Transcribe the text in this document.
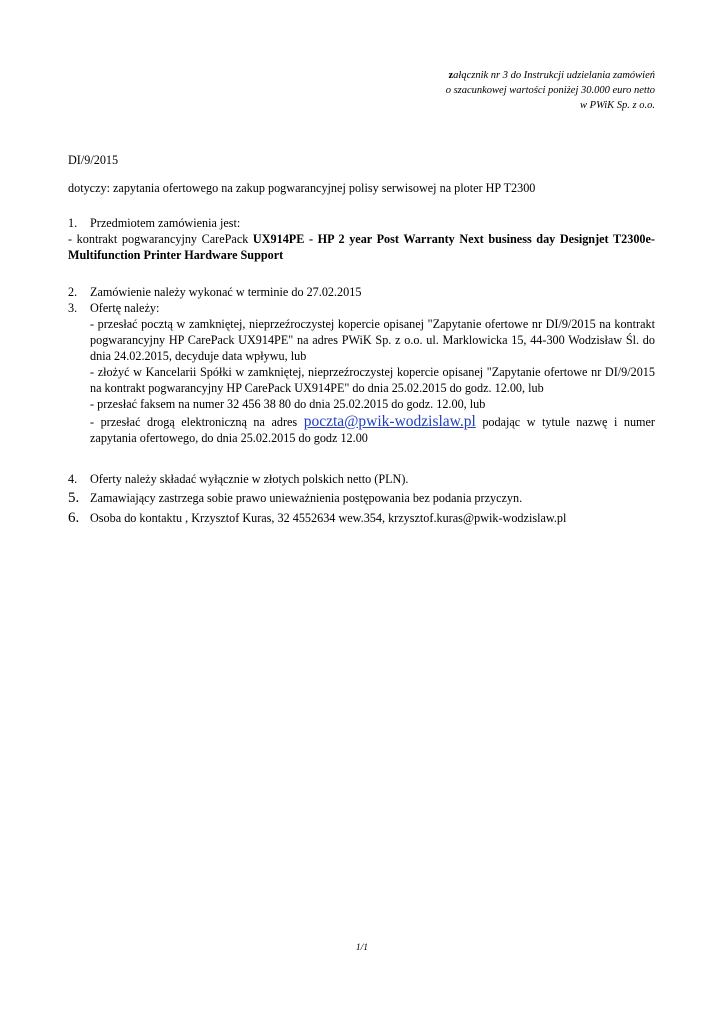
załącznik nr 3 do Instrukcji udzielania zamówień
o szacunkowej wartości poniżej 30.000 euro netto
w PWiK Sp. z o.o.
DI/9/2015
dotyczy: zapytania ofertowego na zakup pogwarancyjnej polisy serwisowej na ploter HP T2300
1.	Przedmiotem zamówienia jest:
- kontrakt pogwarancyjny CarePack UX914PE - HP 2 year Post Warranty Next business day Designjet T2300e-Multifunction Printer Hardware Support
2.	Zamówienie należy wykonać w terminie do 27.02.2015
3.	Ofertę należy:
- przesłać pocztą w zamkniętej, nieprzeźroczystej kopercie opisanej "Zapytanie ofertowe nr DI/9/2015 na kontrakt pogwarancyjny HP CarePack UX914PE" na adres PWiK Sp. z o.o. ul. Marklowicka 15, 44-300 Wodzisław Śl. do dnia 24.02.2015, decyduje data wpływu, lub
- złożyć w Kancelarii Spółki w zamkniętej, nieprzeźroczystej kopercie opisanej "Zapytanie ofertowe nr DI/9/2015 na kontrakt pogwarancyjny HP CarePack UX914PE" do dnia 25.02.2015 do godz. 12.00, lub
- przesłać faksem na numer 32 456 38 80 do dnia 25.02.2015 do godz. 12.00, lub
- przesłać drogą elektroniczną na adres poczta@pwik-wodzislaw.pl podając w tytule nazwę i numer zapytania ofertowego, do dnia 25.02.2015 do godz 12.00
4.	Oferty należy składać wyłącznie w złotych polskich netto (PLN).
5. Zamawiający zastrzega sobie prawo unieważnienia postępowania bez podania przyczyn.
6. Osoba do kontaktu , Krzysztof Kuras, 32 4552634 wew.354, krzysztof.kuras@pwik-wodzislaw.pl
1/1
